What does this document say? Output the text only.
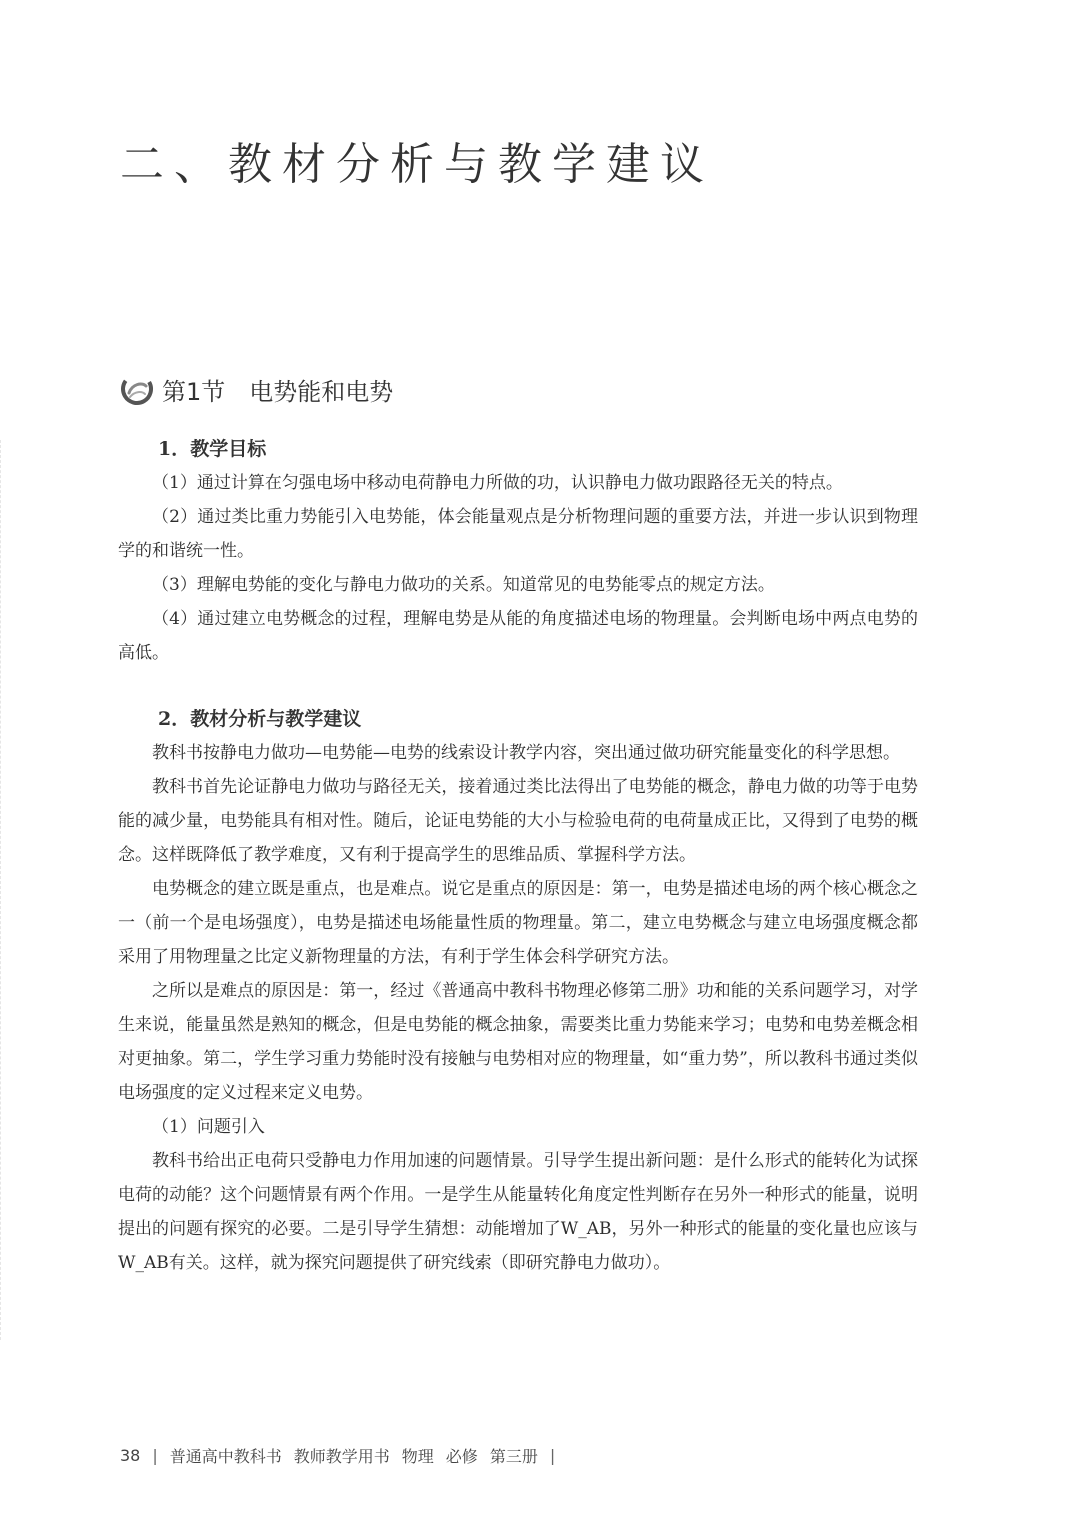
二、教材分析与教学建议
第1节　电势能和电势

1．教学目标

（1）通过计算在匀强电场中移动电荷静电力所做的功，认识静电力做功跟路径无关的特点。

（2）通过类比重力势能引入电势能，体会能量观点是分析物理问题的重要方法，并进一步认识到物理学的和谐统一性。

（3）理解电势能的变化与静电力做功的关系。知道常见的电势能零点的规定方法。

（4）通过建立电势概念的过程，理解电势是从能的角度描述电场的物理量。会判断电场中两点电势的高低。

2．教材分析与教学建议

教科书按静电力做功—电势能—电势的线索设计教学内容，突出通过做功研究能量变化的科学思想。

教科书首先论证静电力做功与路径无关，接着通过类比法得出了电势能的概念，静电力做的功等于电势能的减少量，电势能具有相对性。随后，论证电势能的大小与检验电荷的电荷量成正比，又得到了电势的概念。这样既降低了教学难度，又有利于提高学生的思维品质、掌握科学方法。

电势概念的建立既是重点，也是难点。说它是重点的原因是：第一，电势是描述电场的两个核心概念之一（前一个是电场强度），电势是描述电场能量性质的物理量。第二，建立电势概念与建立电场强度概念都采用了用物理量之比定义新物理量的方法，有利于学生体会科学研究方法。

之所以是难点的原因是：第一，经过《普通高中教科书物理必修第二册》功和能的关系问题学习，对学生来说，能量虽然是熟知的概念，但是电势能的概念抽象，需要类比重力势能来学习；电势和电势差概念相对更抽象。第二，学生学习重力势能时没有接触与电势相对应的物理量，如“重力势”，所以教科书通过类似电场强度的定义过程来定义电势。

（1）问题引入

教科书给出正电荷只受静电力作用加速的问题情景。引导学生提出新问题：是什么形式的能转化为试探电荷的动能？这个问题情景有两个作用。一是学生从能量转化角度定性判断存在另外一种形式的能量，说明提出的问题有探究的必要。二是引导学生猜想：动能增加了W_AB，另外一种形式的能量的变化量也应该与W_AB有关。这样，就为探究问题提供了研究线索（即研究静电力做功）。

38 | 普通高中教科书 教师教学用书 物理 必修 第三册 |
